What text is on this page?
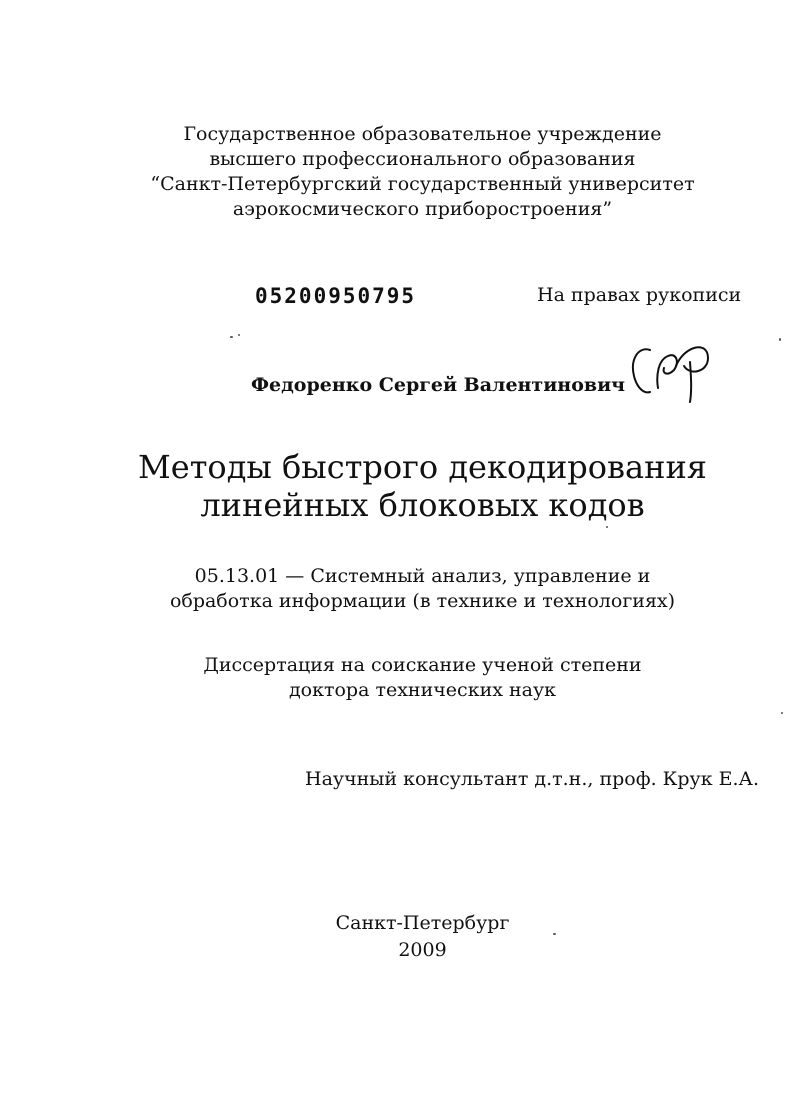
Государственное образовательное учреждение
высшего профессионального образования
“Санкт-Петербургский государственный университет
аэрокосмического приборостроения”
05200950795	На правах рукописи
Федоренко Сергей Валентинович
Методы быстрого декодирования
линейных блоковых кодов
05.13.01 — Системный анализ, управление и
обработка информации (в технике и технологиях)
Диссертация на соискание ученой степени
доктора технических наук
Научный консультант д.т.н., проф. Крук Е.А.
Санкт-Петербург
2009
